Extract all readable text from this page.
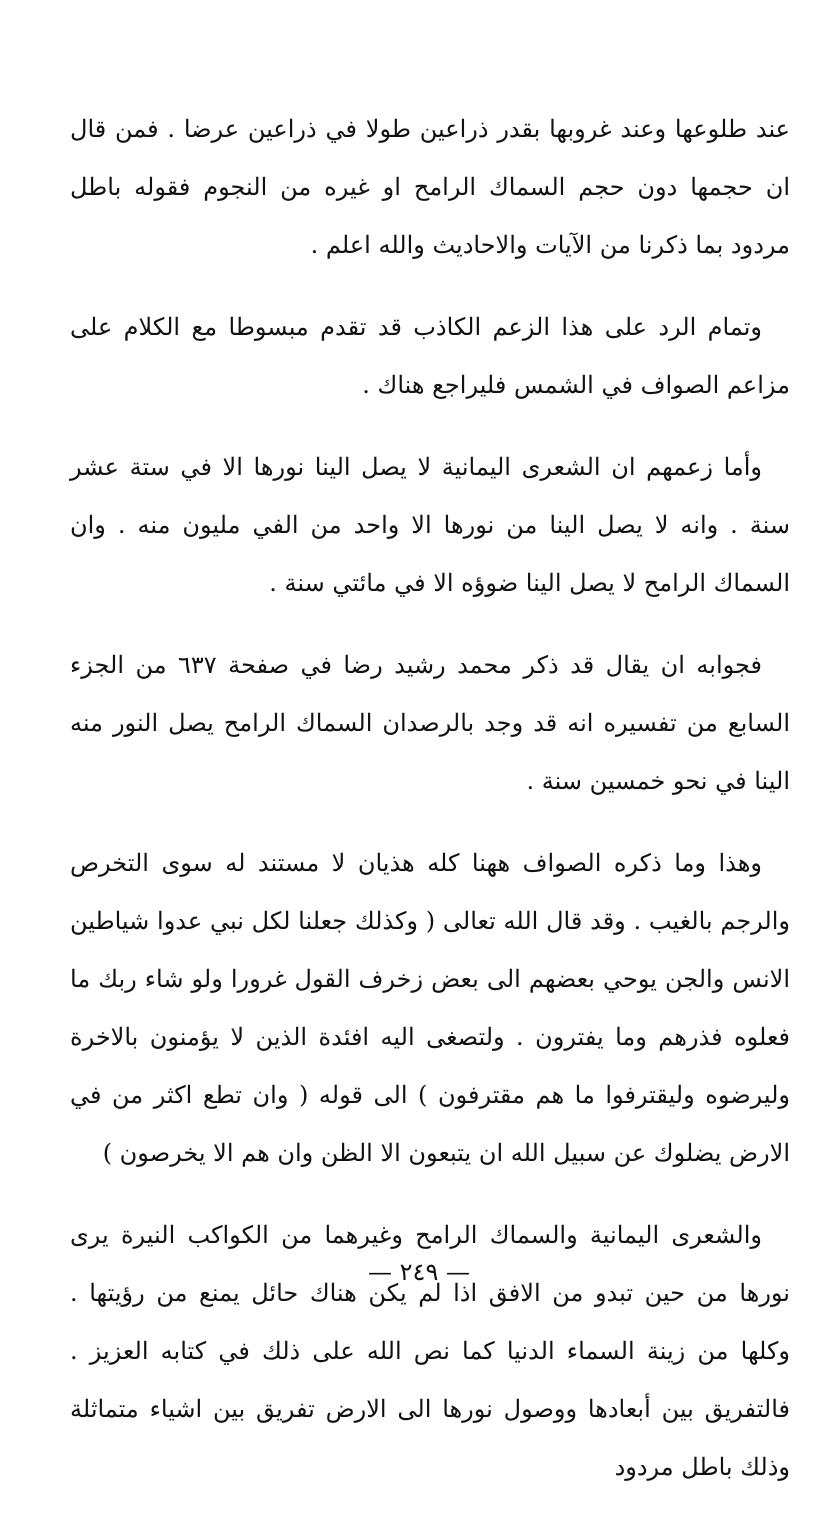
عند طلوعها وعند غروبها بقدر ذراعين طولا في ذراعين عرضا . فمن قال ان حجمها دون حجم السماك الرامح او غيره من النجوم فقوله باطل مردود بما ذكرنا من الآيات والاحاديث والله اعلم .

وتمام الرد على هذا الزعم الكاذب قد تقدم مبسوطا مع الكلام على مزاعم الصواف في الشمس فليراجع هناك .

وأما زعمهم ان الشعرى اليمانية لا يصل الينا نورها الا في ستة عشر سنة . وانه لا يصل الينا من نورها الا واحد من الفي مليون منه . وان السماك الرامح لا يصل الينا ضوؤه الا في مائتي سنة .

فجوابه ان يقال قد ذكر محمد رشيد رضا في صفحة ٦٣٧ من الجزء السابع من تفسيره انه قد وجد بالرصدان السماك الرامح يصل النور منه الينا في نحو خمسين سنة .

وهذا وما ذكره الصواف ههنا كله هذيان لا مستند له سوى التخرص والرجم بالغيب . وقد قال الله تعالى ( وكذلك جعلنا لكل نبي عدوا شياطين الانس والجن يوحي بعضهم الى بعض زخرف القول غرورا ولو شاء ربك ما فعلوه فذرهم وما يفترون . ولتصغى اليه افئدة الذين لا يؤمنون بالاخرة وليرضوه وليقترفوا ما هم مقترفون ) الى قوله ( وان تطع اكثر من في الارض يضلوك عن سبيل الله ان يتبعون الا الظن وان هم الا يخرصون )

والشعرى اليمانية والسماك الرامح وغيرهما من الكواكب النيرة يرى نورها من حين تبدو من الافق اذا لم يكن هناك حائل يمنع من رؤيتها . وكلها من زينة السماء الدنيا كما نص الله على ذلك في كتابه العزيز . فالتفريق بين أبعادها ووصول نورها الى الارض تفريق بين اشياء متماثلة وذلك باطل مردود

— ٢٤٩ —
